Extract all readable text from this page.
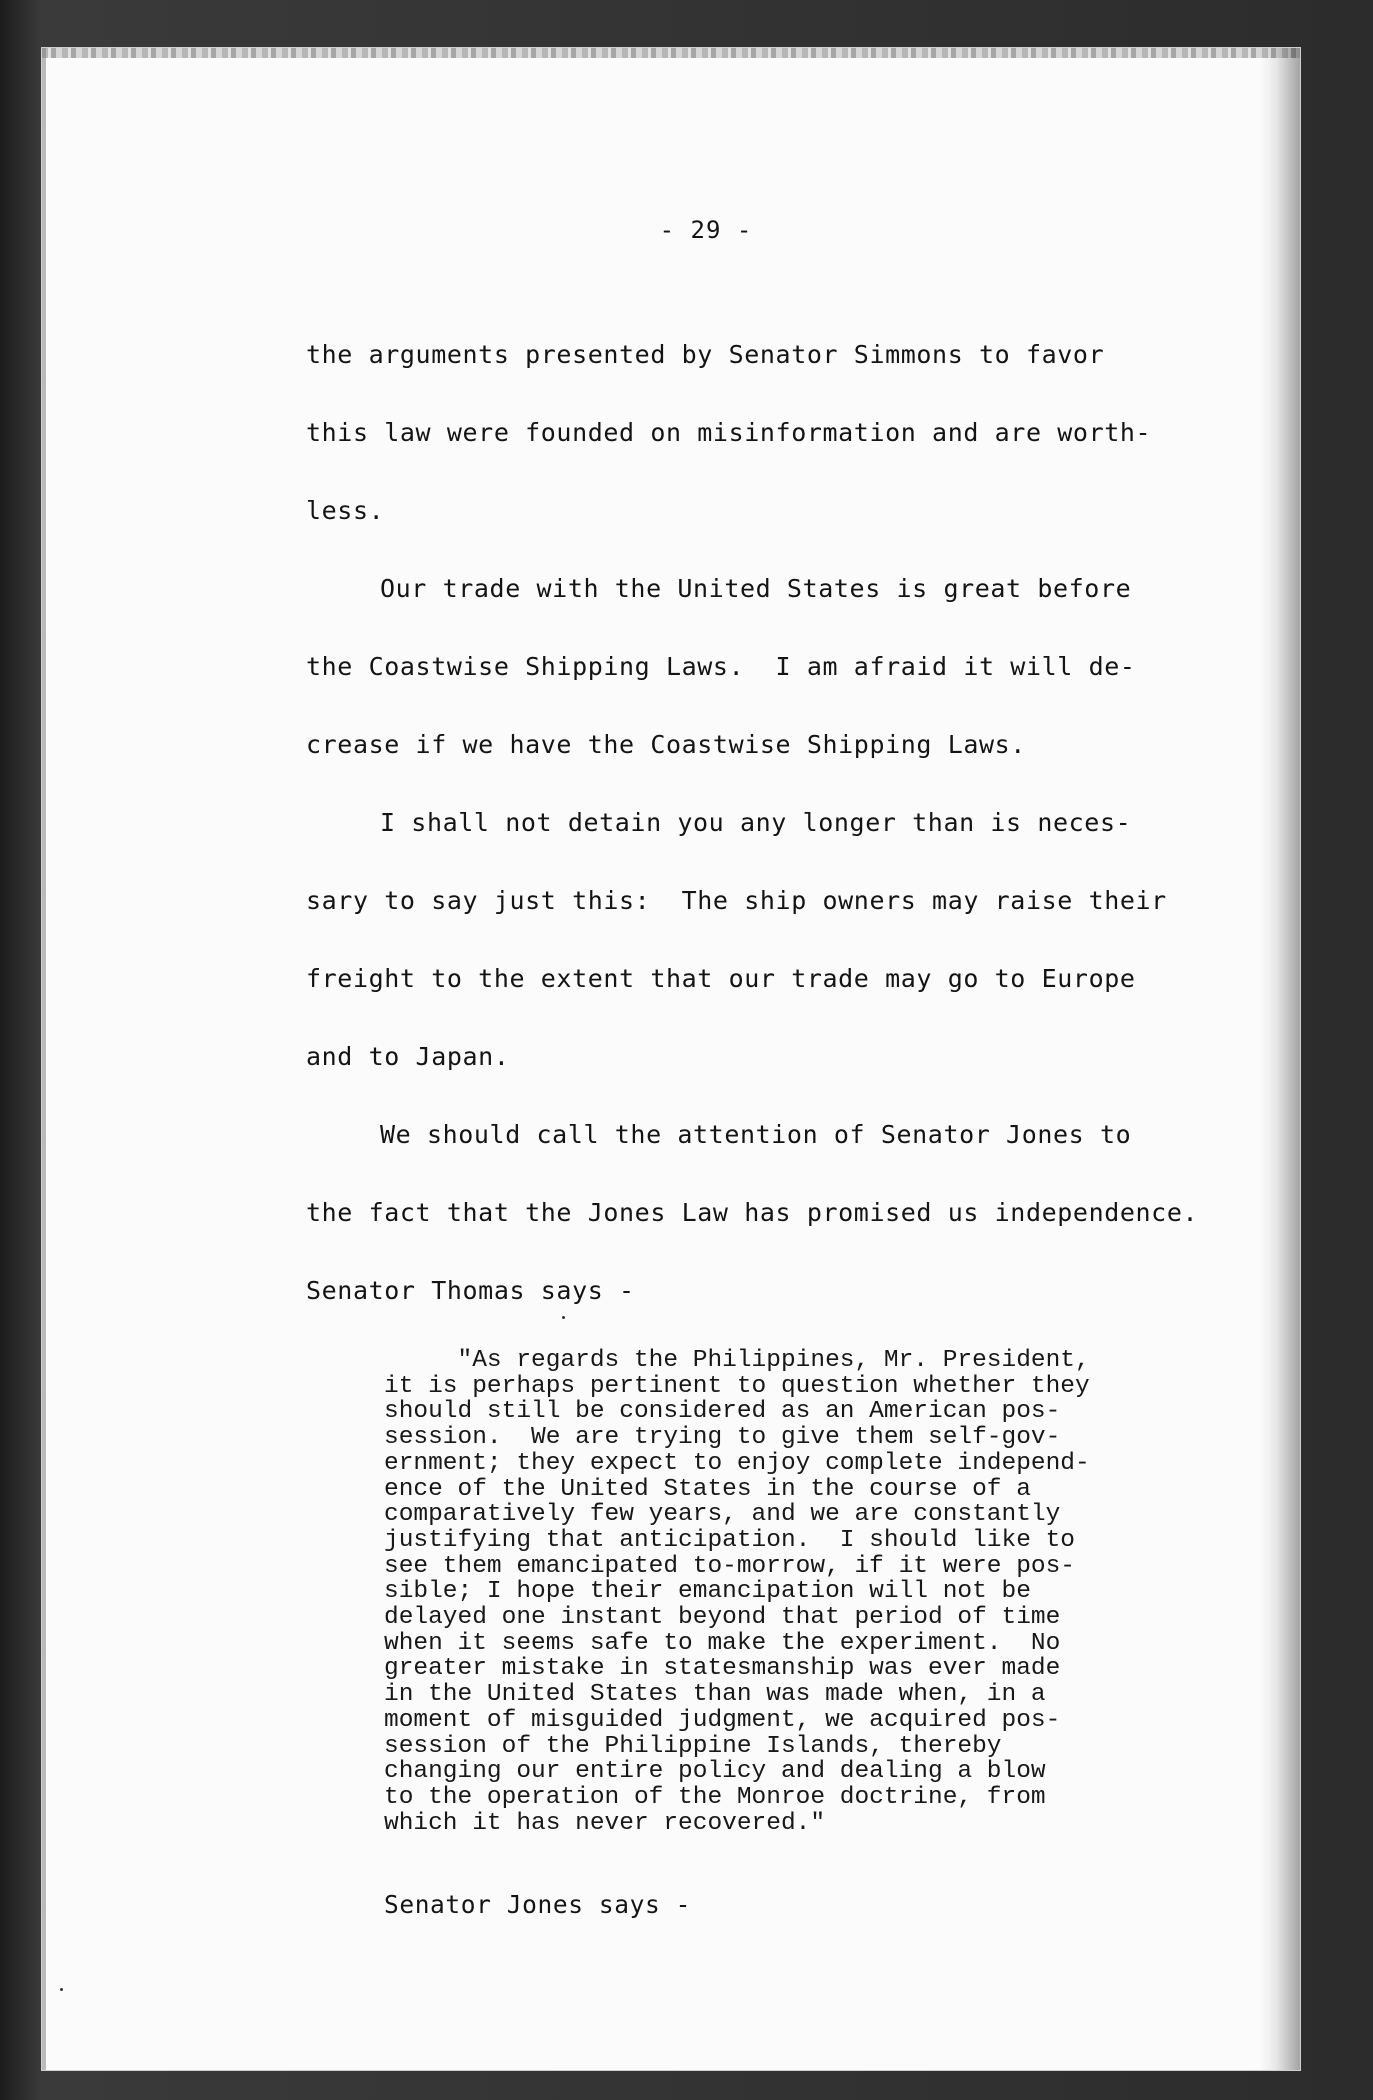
- 29 -
the arguments presented by Senator Simmons to favor
this law were founded on misinformation and are worth-
less.
Our trade with the United States is great before
the Coastwise Shipping Laws.  I am afraid it will de-
crease if we have the Coastwise Shipping Laws.
I shall not detain you any longer than is neces-
sary to say just this:  The ship owners may raise their
freight to the extent that our trade may go to Europe
and to Japan.
We should call the attention of Senator Jones to
the fact that the Jones Law has promised us independence.
Senator Thomas says -
"As regards the Philippines, Mr. President,
it is perhaps pertinent to question whether they
should still be considered as an American pos-
session.  We are trying to give them self-gov-
ernment; they expect to enjoy complete independ-
ence of the United States in the course of a
comparatively few years, and we are constantly
justifying that anticipation.  I should like to
see them emancipated to-morrow, if it were pos-
sible; I hope their emancipation will not be
delayed one instant beyond that period of time
when it seems safe to make the experiment.  No
greater mistake in statesmanship was ever made
in the United States than was made when, in a
moment of misguided judgment, we acquired pos-
session of the Philippine Islands, thereby
changing our entire policy and dealing a blow
to the operation of the Monroe doctrine, from
which it has never recovered."
Senator Jones says -
